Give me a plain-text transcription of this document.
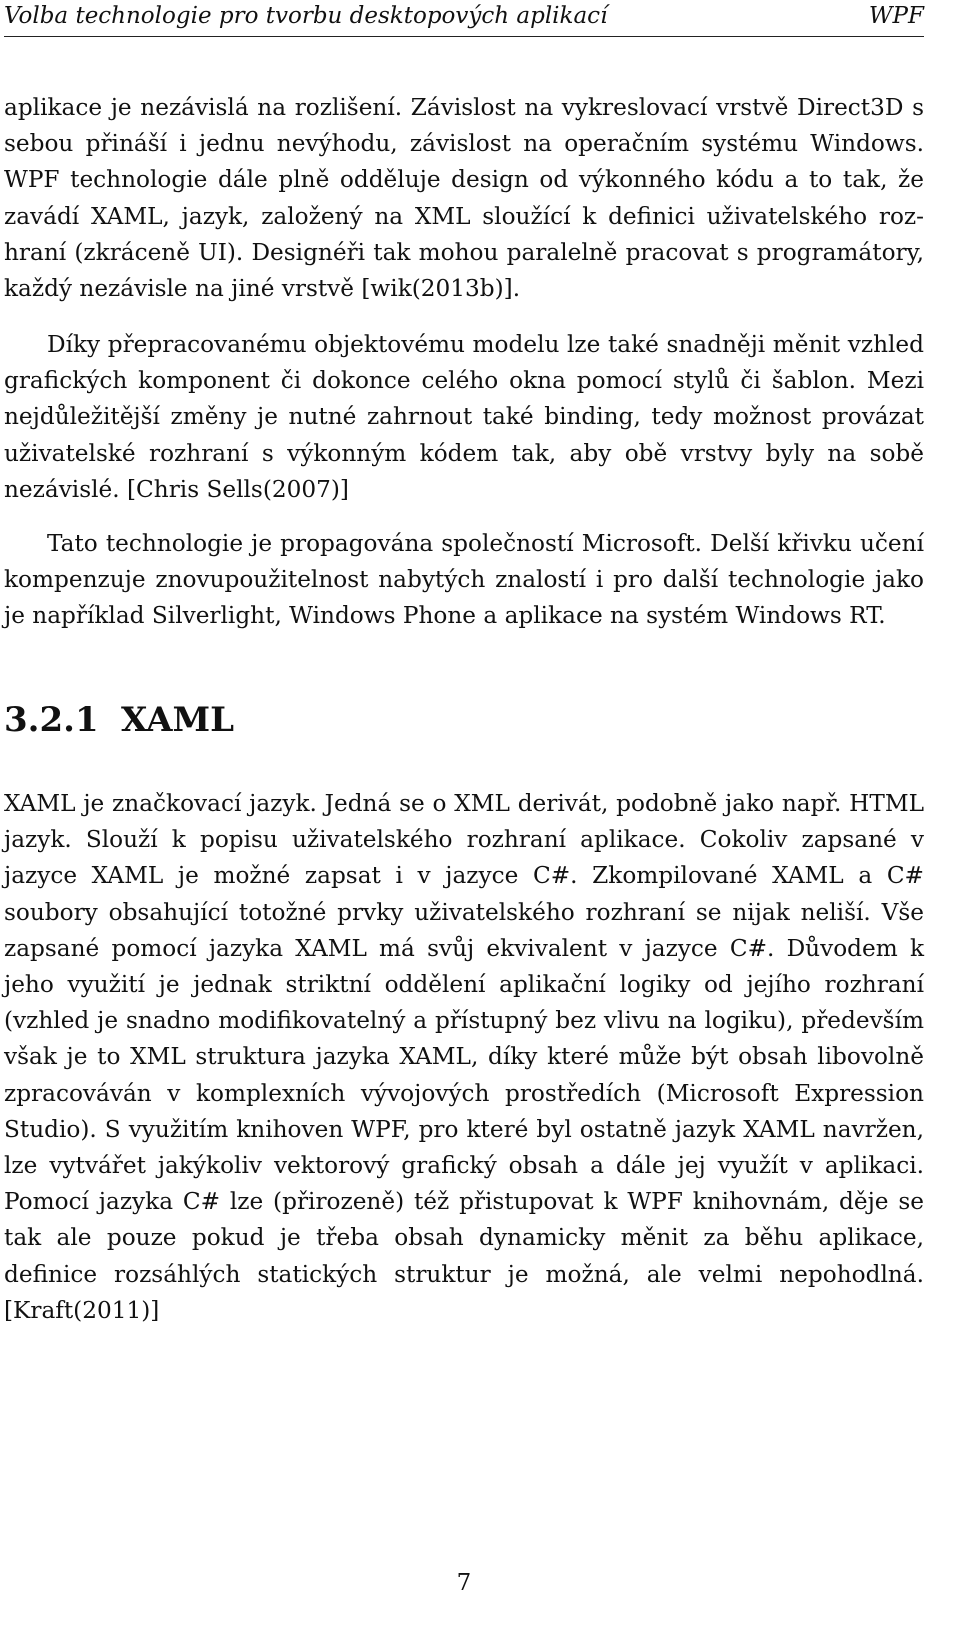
Volba technologie pro tvorbu desktopových aplikací	WPF

aplikace je nezávislá na rozlišení. Závislost na vykreslovací vrstvě Direct3D s sebou přináší i jednu nevýhodu, závislost na operačním systému Windows. WPF technologie dále plně odděluje design od výkonného kódu a to tak, že zavádí XAML, jazyk, založený na XML sloužící k definici uživatelského rozhraní (zkráceně UI). Designéři tak mohou paralelně pracovat s programátory, každý nezávisle na jiné vrstvě [wik(2013b)].

Díky přepracovanému objektovému modelu lze také snadněji měnit vzhled grafických komponent či dokonce celého okna pomocí stylů či šablon. Mezi nejdůležitější změny je nutné zahrnout také binding, tedy možnost provázat uživatelské rozhraní s výkonným kódem tak, aby obě vrstvy byly na sobě nezávislé. [Chris Sells(2007)]

Tato technologie je propagována společností Microsoft. Delší křivku učení kompenzuje znovupoužitelnost nabytých znalostí i pro další technologie jako je například Silverlight, Windows Phone a aplikace na systém Windows RT.

3.2.1 XAML

XAML je značkovací jazyk. Jedná se o XML derivát, podobně jako např. HTML jazyk. Slouží k popisu uživatelského rozhraní aplikace. Cokoliv zapsané v jazyce XAML je možné zapsat i v jazyce C#. Zkompilované XAML a C# soubory obsahující totožné prvky uživatelského rozhraní se nijak neliší. Vše zapsané pomocí jazyka XAML má svůj ekvivalent v jazyce C#. Důvodem k jeho využití je jednak striktní oddělení aplikační logiky od jejího rozhraní (vzhled je snadno modifikovatelný a přístupný bez vlivu na logiku), především však je to XML struktura jazyka XAML, díky které může být obsah libovolně zpracováván v komplexních vývojových prostředích (Microsoft Expression Studio). S využitím knihoven WPF, pro které byl ostatně jazyk XAML navržen, lze vytvářet jakýkoliv vektorový grafický obsah a dále jej využít v aplikaci. Pomocí jazyka C# lze (přirozeně) též přistupovat k WPF knihovnám, děje se tak ale pouze pokud je třeba obsah dynamicky měnit za běhu aplikace, definice rozsáhlých statických struktur je možná, ale velmi nepohodlná. [Kraft(2011)]

7
